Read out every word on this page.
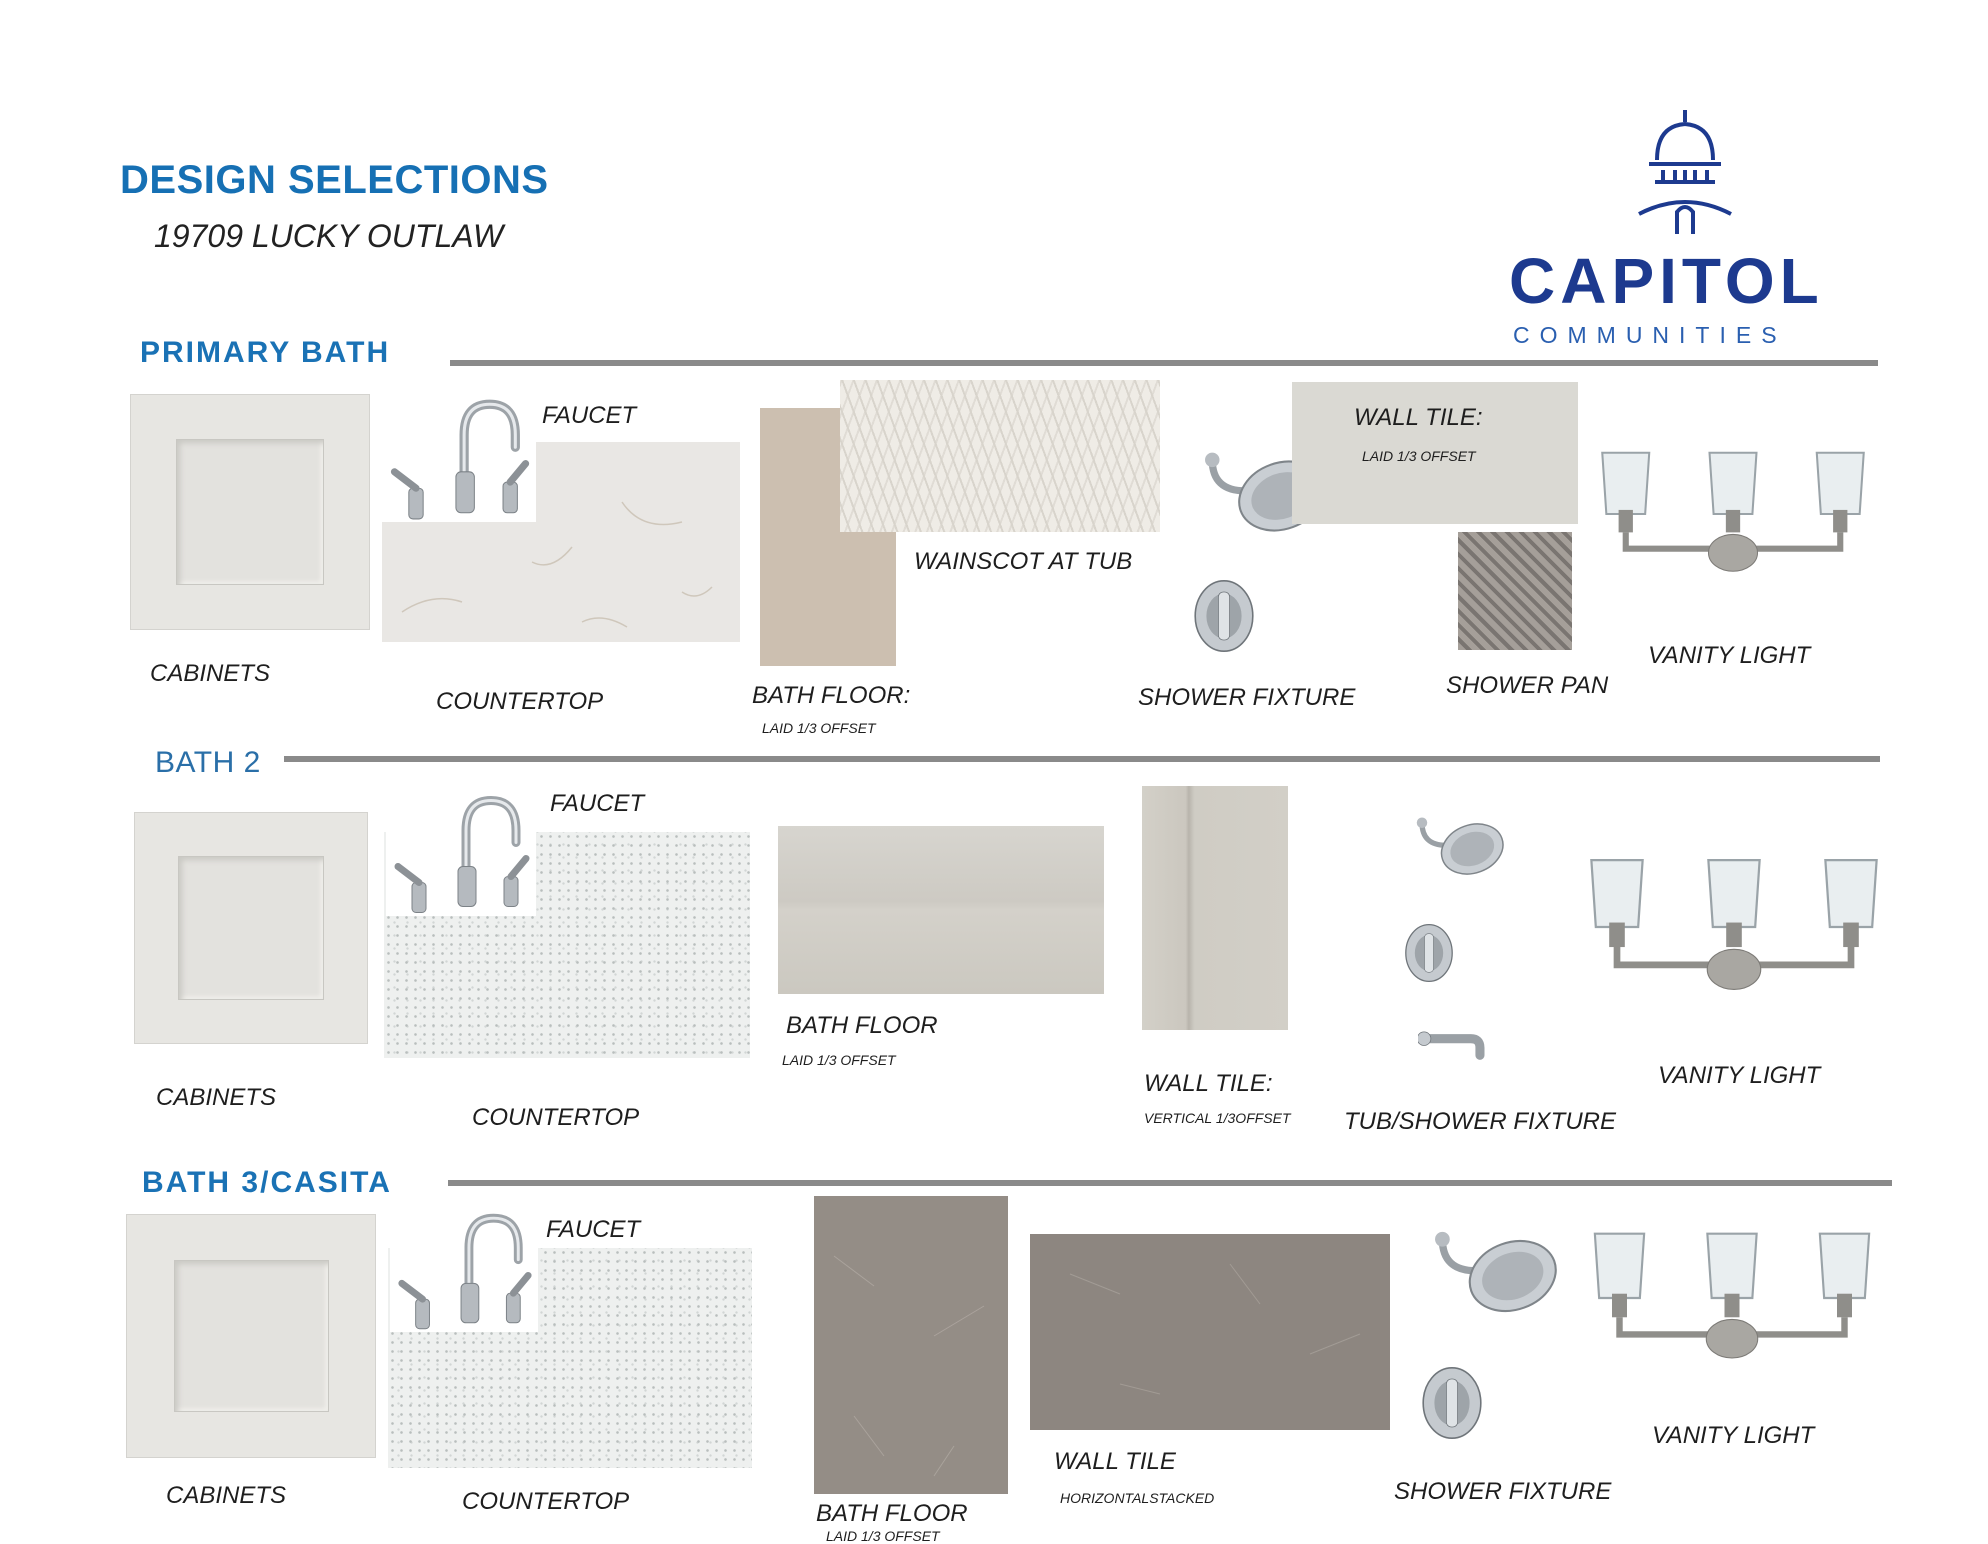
DESIGN SELECTIONS
19709 LUCKY OUTLAW
CAPITOL
COMMUNITIES
PRIMARY BATH
CABINETS
FAUCET
COUNTERTOP
WAINSCOT AT TUB
BATH FLOOR:
LAID 1/3 OFFSET
SHOWER FIXTURE
WALL TILE:
LAID 1/3 OFFSET
SHOWER PAN
VANITY LIGHT
BATH 2
CABINETS
FAUCET
COUNTERTOP
BATH FLOOR
LAID 1/3 OFFSET
WALL TILE:
VERTICAL 1/3OFFSET TUB/SHOWER FIXTURE
VANITY LIGHT
BATH 3/CASITA
CABINETS
FAUCET
COUNTERTOP	BATH FLOOR
LAID 1/3 OFFSET
WALL TILE
HORIZONTALSTACKED	SHOWER FIXTURE
VANITY LIGHT
